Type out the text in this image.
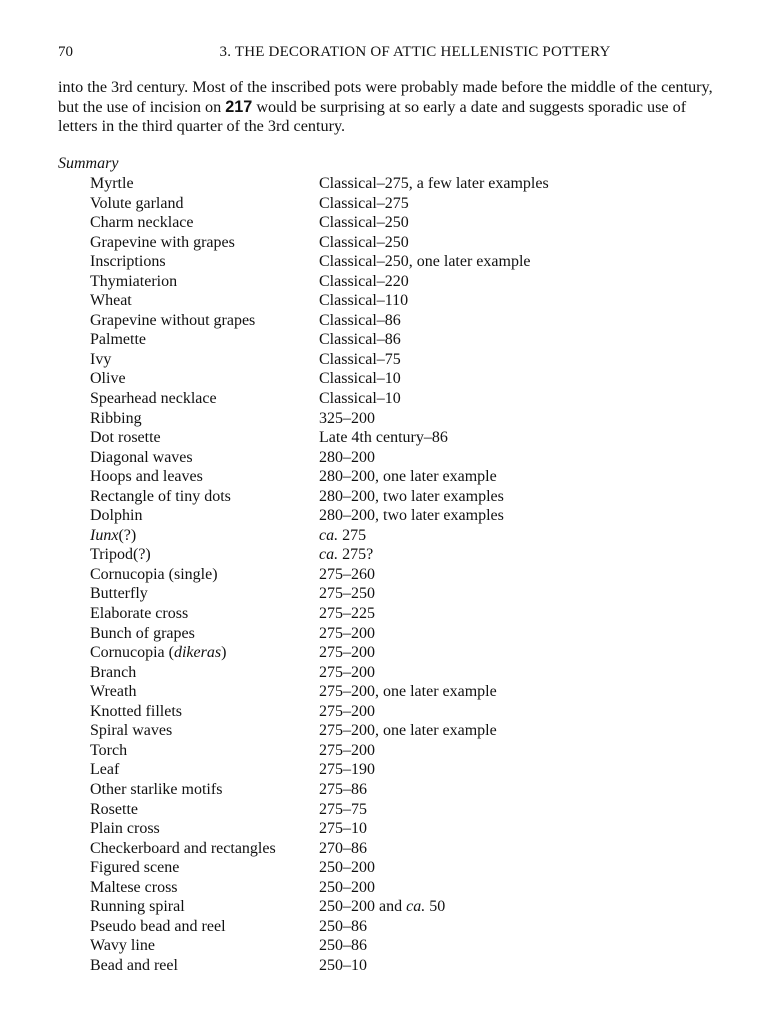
70	3. THE DECORATION OF ATTIC HELLENISTIC POTTERY

into the 3rd century. Most of the inscribed pots were probably made before the middle of the century, but the use of incision on 217 would be surprising at so early a date and suggests sporadic use of letters in the third quarter of the 3rd century.

Summary
Myrtle	Classical–275, a few later examples
Volute garland	Classical–275
Charm necklace	Classical–250
Grapevine with grapes	Classical–250
Inscriptions	Classical–250, one later example
Thymiaterion	Classical–220
Wheat	Classical–110
Grapevine without grapes	Classical–86
Palmette	Classical–86
Ivy	Classical–75
Olive	Classical–10
Spearhead necklace	Classical–10
Ribbing	325–200
Dot rosette	Late 4th century–86
Diagonal waves	280–200
Hoops and leaves	280–200, one later example
Rectangle of tiny dots	280–200, two later examples
Dolphin	280–200, two later examples
Iunx(?)	ca. 275
Tripod(?)	ca. 275?
Cornucopia (single)	275–260
Butterfly	275–250
Elaborate cross	275–225
Bunch of grapes	275–200
Cornucopia (dikeras)	275–200
Branch	275–200
Wreath	275–200, one later example
Knotted fillets	275–200
Spiral waves	275–200, one later example
Torch	275–200
Leaf	275–190
Other starlike motifs	275–86
Rosette	275–75
Plain cross	275–10
Checkerboard and rectangles	270–86
Figured scene	250–200
Maltese cross	250–200
Running spiral	250–200 and ca. 50
Pseudo bead and reel	250–86
Wavy line	250–86
Bead and reel	250–10
